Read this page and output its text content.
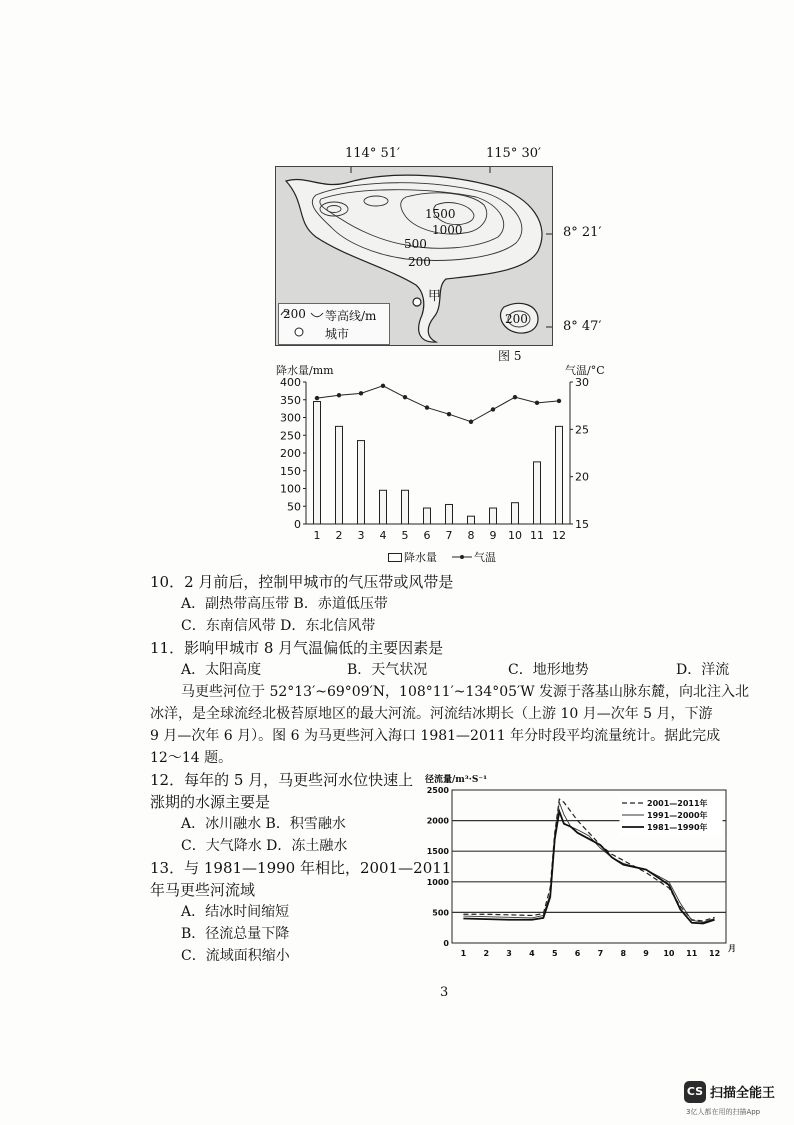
114° 51′	115° 30′
1500
1000
500
200
200
甲
200 等高线/m
城市
8° 21′
8° 47′
图 5
降水量/mm	气温/°C
0
50
100
150
200
250
300
350
400
15
20
25
30
1 2 3 4 5 6 7 8 9 10 11 12
降水量	气温
10．2 月前后，控制甲城市的气压带或风带是
A．副热带高压带 B．赤道低压带
C．东南信风带 D．东北信风带
11．影响甲城市 8 月气温偏低的主要因素是
A．太阳高度	B．天气状况	C．地形地势	D．洋流
马更些河位于 52°13′~69°09′N，108°11′~134°05′W 发源于落基山脉东麓，向北注入北
冰洋，是全球流经北极苔原地区的最大河流。河流结冰期长（上游 10 月—次年 5 月，下游
9 月—次年 6 月）。图 6 为马更些河入海口 1981—2011 年分时段平均流量统计。据此完成
12～14 题。
12．每年的 5 月，马更些河水位快速上
涨期的水源主要是
A．冰川融水 B．积雪融水
C．大气降水 D．冻土融水
13．与 1981—1990 年相比，2001—2011
年马更些河流域
A．结冰时间缩短
B．径流总量下降
C．流域面积缩小
径流量/m³·S⁻¹
0
500
1000
1500
2000
2500
1 2 3 4 5 6 7 8 9 10 11 12
月
2001—2011年
1991—2000年
1981—1990年
3
CS 扫描全能王
3亿人都在用的扫描App
